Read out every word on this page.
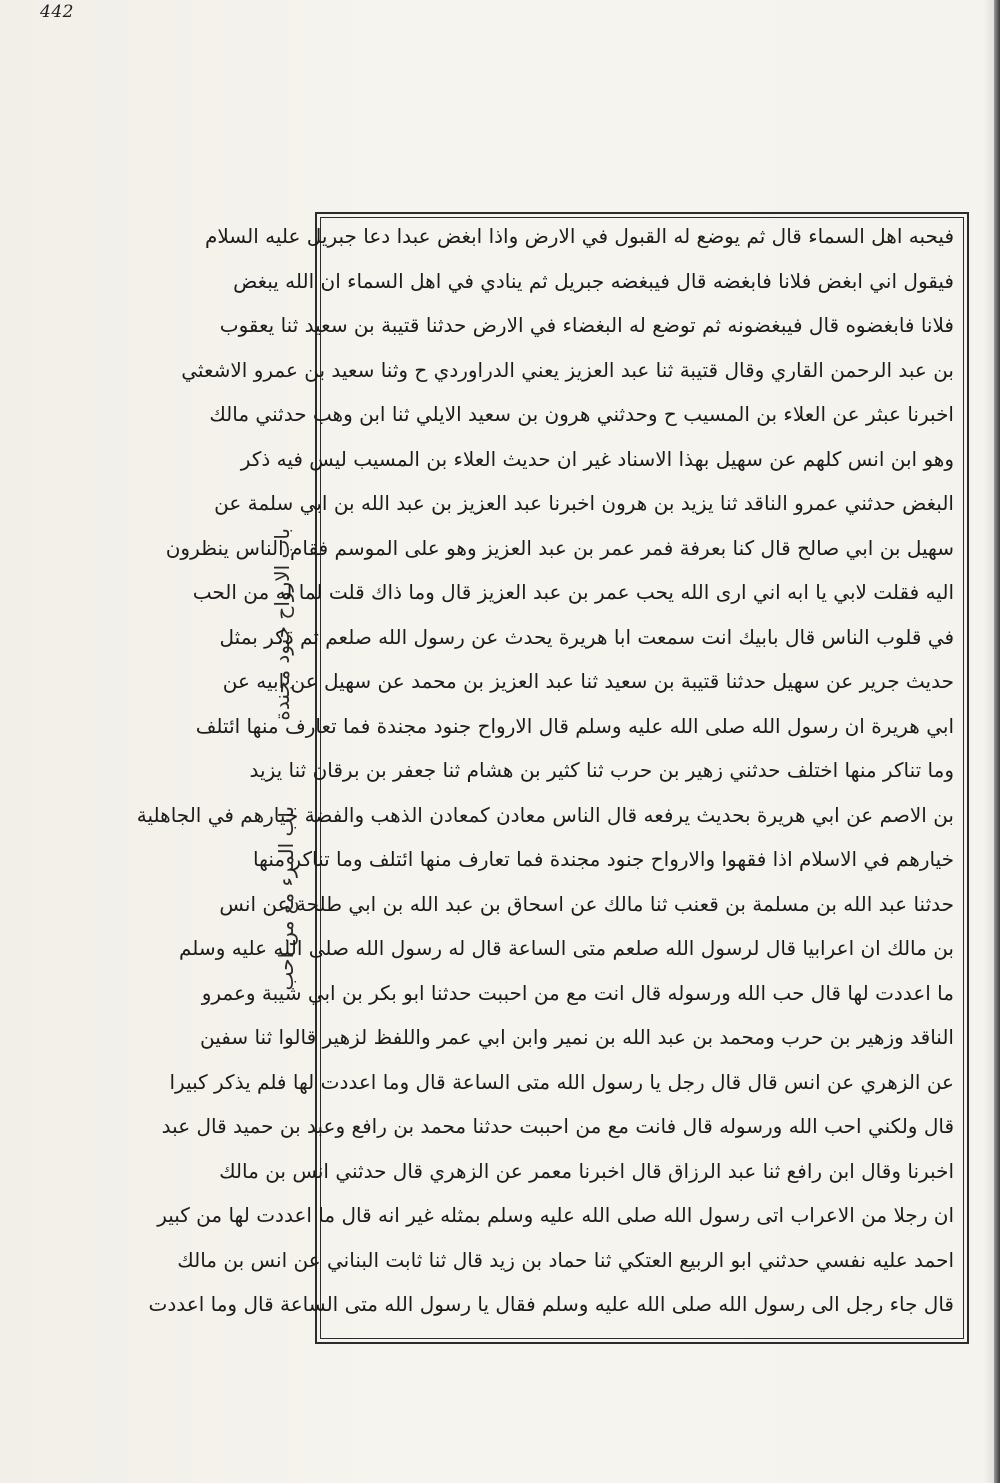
442
باب الارواح جنود مجندة
باب المرء مع من احب
فيحبه اهل السماء قال ثم يوضع له القبول في الارض واذا ابغض عبدا دعا جبريل عليه السلام
فيقول اني ابغض فلانا فابغضه قال فيبغضه جبريل ثم ينادي في اهل السماء ان الله يبغض
فلانا فابغضوه قال فيبغضونه ثم توضع له البغضاء في الارض حدثنا قتيبة بن سعيد ثنا يعقوب
بن عبد الرحمن القاري وقال قتيبة ثنا عبد العزيز يعني الدراوردي ح وثنا سعيد بن عمرو الاشعثي
اخبرنا عبثر عن العلاء بن المسيب ح وحدثني هرون بن سعيد الايلي ثنا ابن وهب حدثني مالك
وهو ابن انس كلهم عن سهيل بهذا الاسناد غير ان حديث العلاء بن المسيب ليس فيه ذكر
البغض حدثني عمرو الناقد ثنا يزيد بن هرون اخبرنا عبد العزيز بن عبد الله بن ابي سلمة عن
سهيل بن ابي صالح قال كنا بعرفة فمر عمر بن عبد العزيز وهو على الموسم فقام الناس ينظرون
اليه فقلت لابي يا ابه اني ارى الله يحب عمر بن عبد العزيز قال وما ذاك قلت لما له من الحب
في قلوب الناس قال بابيك انت سمعت ابا هريرة يحدث عن رسول الله صلعم ثم ذكر بمثل
حديث جرير عن سهيل حدثنا قتيبة بن سعيد ثنا عبد العزيز بن محمد عن سهيل عن ابيه عن
ابي هريرة ان رسول الله صلى الله عليه وسلم قال الارواح جنود مجندة فما تعارف منها ائتلف
وما تناكر منها اختلف حدثني زهير بن حرب ثنا كثير بن هشام ثنا جعفر بن برقان ثنا يزيد
بن الاصم عن ابي هريرة بحديث يرفعه قال الناس معادن كمعادن الذهب والفضة خيارهم في الجاهلية
خيارهم في الاسلام اذا فقهوا والارواح جنود مجندة فما تعارف منها ائتلف وما تناكر منها
حدثنا عبد الله بن مسلمة بن قعنب ثنا مالك عن اسحاق بن عبد الله بن ابي طلحة عن انس
بن مالك ان اعرابيا قال لرسول الله صلعم متى الساعة قال له رسول الله صلى الله عليه وسلم
ما اعددت لها قال حب الله ورسوله قال انت مع من احببت حدثنا ابو بكر بن ابي شيبة وعمرو
الناقد وزهير بن حرب ومحمد بن عبد الله بن نمير وابن ابي عمر واللفظ لزهير قالوا ثنا سفين
عن الزهري عن انس قال قال رجل يا رسول الله متى الساعة قال وما اعددت لها فلم يذكر كبيرا
قال ولكني احب الله ورسوله قال فانت مع من احببت حدثنا محمد بن رافع وعبد بن حميد قال عبد
اخبرنا وقال ابن رافع ثنا عبد الرزاق قال اخبرنا معمر عن الزهري قال حدثني انس بن مالك
ان رجلا من الاعراب اتى رسول الله صلى الله عليه وسلم بمثله غير انه قال ما اعددت لها من كبير
احمد عليه نفسي حدثني ابو الربيع العتكي ثنا حماد بن زيد قال ثنا ثابت البناني عن انس بن مالك
قال جاء رجل الى رسول الله صلى الله عليه وسلم فقال يا رسول الله متى الساعة قال وما اعددت
